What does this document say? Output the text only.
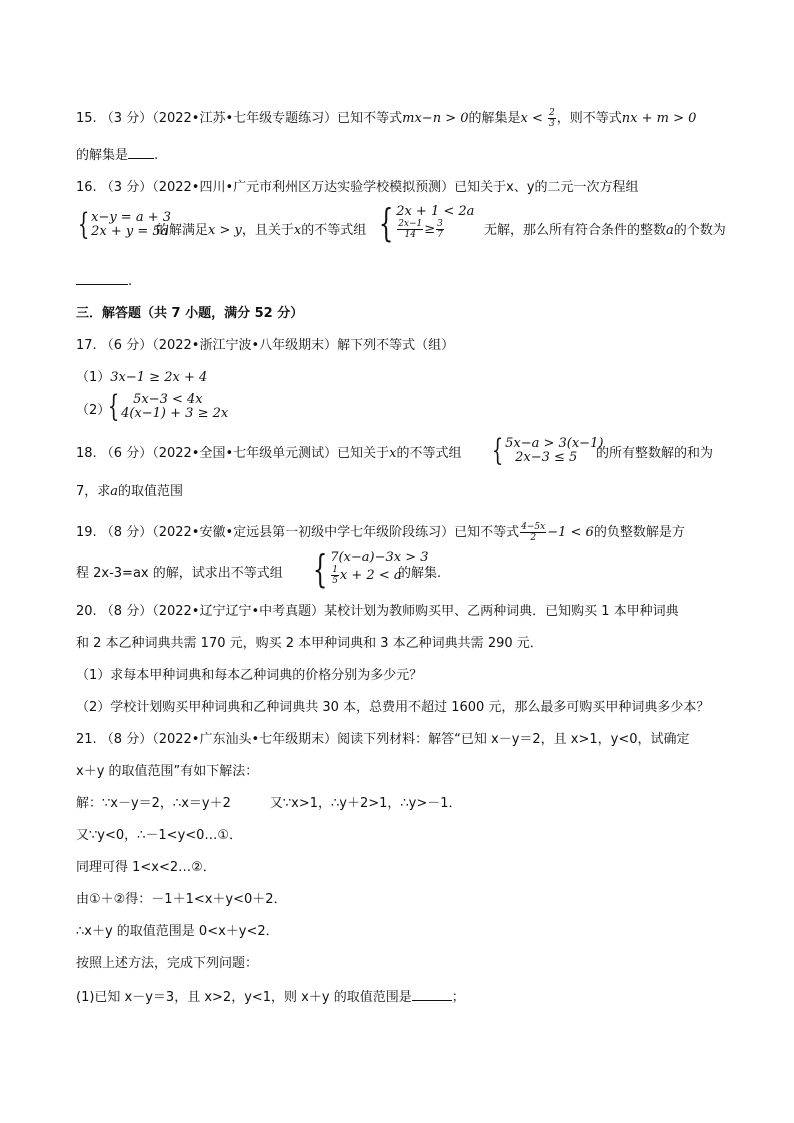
15. （3 分）（2022•江苏•七年级专题练习）已知不等式mx−n > 0的解集是$x < \frac{2}{3}$ ，则不等式nx + m > 0
的解集是 .
16. （3 分）（2022•四川•广元市利州区万达实验学校模拟预测）已知关于x、y的二元一次方程组
{ x−y = a + 3
2x + y = 5a
的解满足x > y，且关于x的不等式组 { 2x + 1 < 2a
$\frac{2x-1}{14} \ge \frac{3}{7}$	无解，那么所有符合条件的整数a的个数为
.
三．解答题（共 7 小题，满分 52 分）
17. （6 分）（2022•浙江宁波•八年级期末）解下列不等式（组）
（1）3x−1 ≥ 2x + 4
（2）
{	5x−3 < 4x
4(x−1) + 3 ≥ 2x
18. （6 分）（2022•全国•七年级单元测试）已知关于x的不等式组 { 5x−a > 3(x−1)
2x−3 ≤ 5	的所有整数解的和为
7，求a的取值范围
19. （8 分）（2022•安徽•定远县第一初级中学七年级阶段练习）已知不等式 $\frac{4-5x}{2} -1 < 6$的负整数解是方
程 2x-3=ax 的解，试求出不等式组 { 7(x−a)−3x > 3
$\frac{1}{5}$ x + 2 < a
的解集.
20. （8 分）（2022•辽宁辽宁•中考真题）某校计划为教师购买甲、乙两种词典．已知购买 1 本甲种词典
和 2 本乙种词典共需 170 元，购买 2 本甲种词典和 3 本乙种词典共需 290 元．
（1）求每本甲种词典和每本乙种词典的价格分别为多少元？
（2）学校计划购买甲种词典和乙种词典共 30 本，总费用不超过 1600 元，那么最多可购买甲种词典多少本？
21. （8 分）（2022•广东汕头•七年级期末）阅读下列材料：解答“已知 x－y＝2，且 x>1，y<0，试确定
x＋y 的取值范围”有如下解法：
解：∵x－y＝2，∴x＝y＋2　　　又∵x>1，∴y＋2>1，∴y>－1．
又∵y<0，∴－1<y<0…①．
同理可得 1<x<2…②．
由①＋②得：－1＋1<x＋y<0＋2．
∴x＋y 的取值范围是 0<x＋y<2．
按照上述方法，完成下列问题：
(1)已知 x－y＝3，且 x>2，y<1，则 x＋y 的取值范围是	；
